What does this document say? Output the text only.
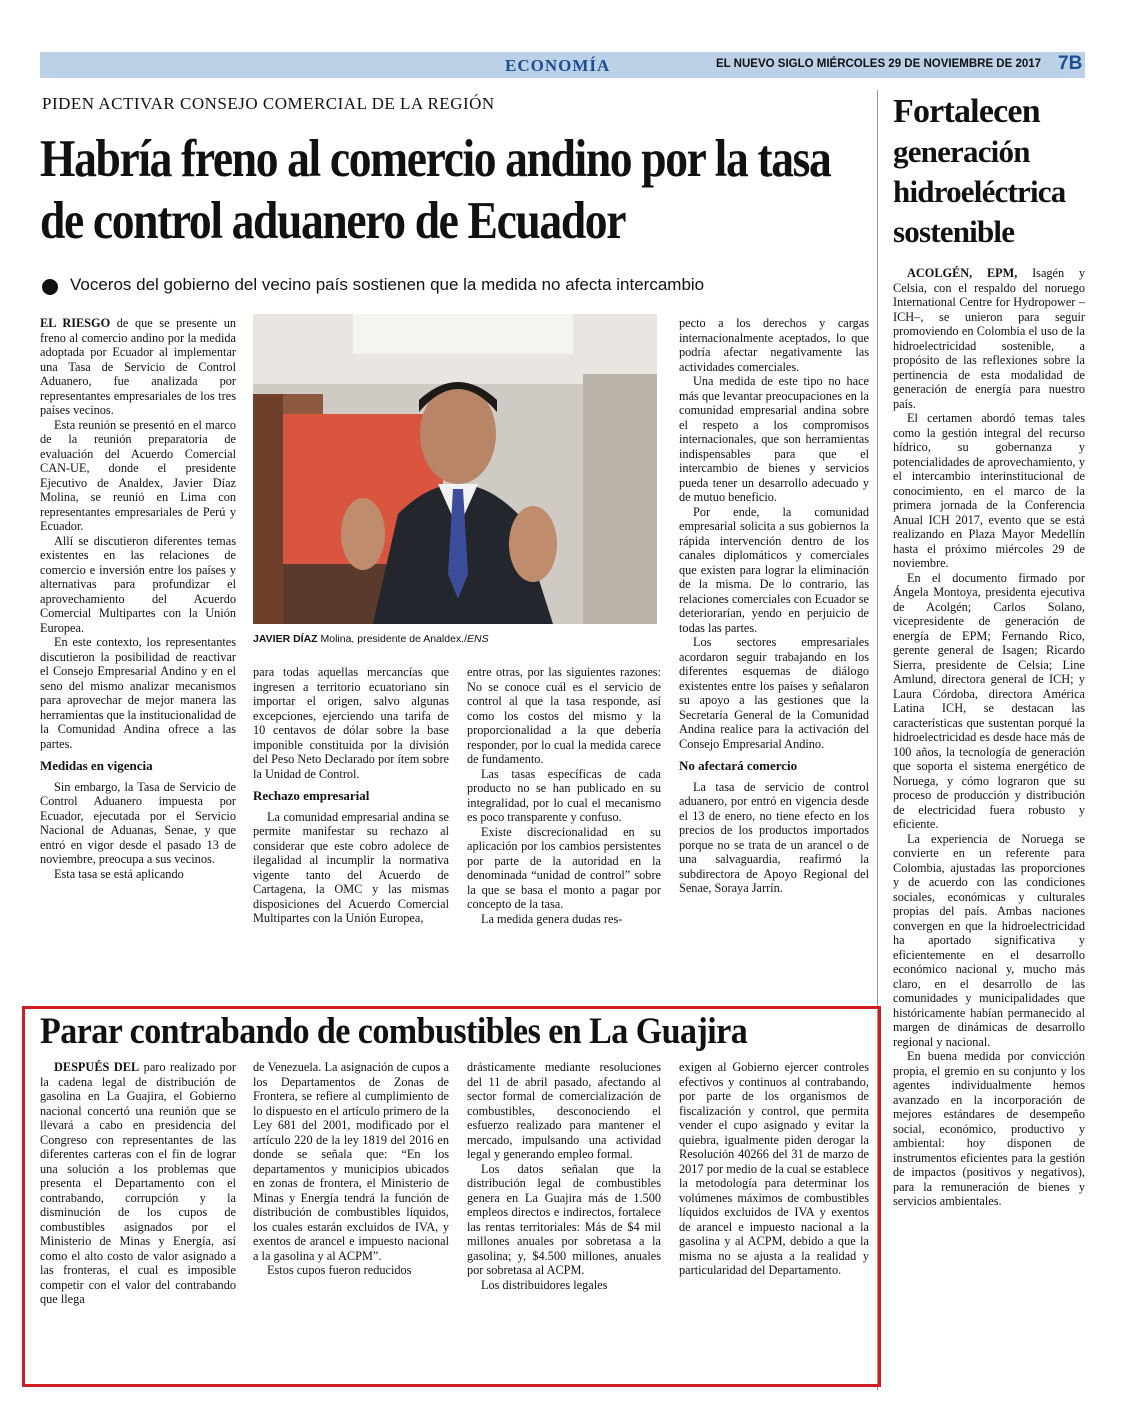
ECONOMÍA	EL NUEVO SIGLO MIÉRCOLES 29 DE NOVIEMBRE DE 2017 7B
PIDEN ACTIVAR CONSEJO COMERCIAL DE LA REGIÓN
Habría freno al comercio andino por la tasa de control aduanero de Ecuador
Voceros del gobierno del vecino país sostienen que la medida no afecta intercambio

EL RIESGO de que se presente un freno al comercio andino por la medida adoptada por Ecuador al implementar una Tasa de Servicio de Control Aduanero, fue analizada por representantes empresariales de los tres países vecinos.

Esta reunión se presentó en el marco de la reunión preparatoria de evaluación del Acuerdo Comercial CAN-UE, donde el presidente Ejecutivo de Analdex, Javier Díaz Molina, se reunió en Lima con representantes empresariales de Perú y Ecuador.

Allí se discutieron diferentes temas existentes en las relaciones de comercio e inversión entre los países y alternativas para profundizar el aprovechamiento del Acuerdo Comercial Multipartes con la Unión Europea.

En este contexto, los representantes discutieron la posibilidad de reactivar el Consejo Empresarial Andino y en el seno del mismo analizar mecanismos para aprovechar de mejor manera las herramientas que la institucionalidad de la Comunidad Andina ofrece a las partes.

Medidas en vigencia

Sin embargo, la Tasa de Servicio de Control Aduanero impuesta por Ecuador, ejecutada por el Servicio Nacional de Aduanas, Senae, y que entró en vigor desde el pasado 13 de noviembre, preocupa a sus vecinos.

Esta tasa se está aplicando

JAVIER DÍAZ Molina, presidente de Analdex./ENS

para todas aquellas mercancías que ingresen a territorio ecuatoriano sin importar el origen, salvo algunas excepciones, ejerciendo una tarifa de 10 centavos de dólar sobre la base imponible constituida por la división del Peso Neto Declarado por ítem sobre la Unidad de Control.

Rechazo empresarial

La comunidad empresarial andina se permite manifestar su rechazo al considerar que este cobro adolece de ilegalidad al incumplir la normativa vigente tanto del Acuerdo de Cartagena, la OMC y las mismas disposiciones del Acuerdo Comercial Multipartes con la Unión Europea,

entre otras, por las siguientes razones: No se conoce cuál es el servicio de control al que la tasa responde, así como los costos del mismo y la proporcionalidad a la que debería responder, por lo cual la medida carece de fundamento.

Las tasas específicas de cada producto no se han publicado en su integralidad, por lo cual el mecanismo es poco transparente y confuso.

Existe discrecionalidad en su aplicación por los cambios persistentes por parte de la autoridad en la denominada “unidad de control” sobre la que se basa el monto a pagar por concepto de la tasa.

La medida genera dudas res-

pecto a los derechos y cargas internacionalmente aceptados, lo que podría afectar negativamente las actividades comerciales.

Una medida de este tipo no hace más que levantar preocupaciones en la comunidad empresarial andina sobre el respeto a los compromisos internacionales, que son herramientas indispensables para que el intercambio de bienes y servicios pueda tener un desarrollo adecuado y de mutuo beneficio.

Por ende, la comunidad empresarial solicita a sus gobiernos la rápida intervención dentro de los canales diplomáticos y comerciales que existen para lograr la eliminación de la misma. De lo contrario, las relaciones comerciales con Ecuador se deteriorarían, yendo en perjuicio de todas las partes.

Los sectores empresariales acordaron seguir trabajando en los diferentes esquemas de diálogo existentes entre los países y señalaron su apoyo a las gestiones que la Secretaría General de la Comunidad Andina realice para la activación del Consejo Empresarial Andino.

No afectará comercio

La tasa de servicio de control aduanero, por entró en vigencia desde el 13 de enero, no tiene efecto en los precios de los productos importados porque no se trata de un arancel o de una salvaguardia, reafirmó la subdirectora de Apoyo Regional del Senae, Soraya Jarrín.

Fortalecen
generación
hidroeléctrica
sostenible

ACOLGÉN, EPM, Isagén y Celsia, con el respaldo del noruego International Centre for Hydropower –ICH–, se unieron para seguir promoviendo en Colombia el uso de la hidroelectricidad sostenible, a propósito de las reflexiones sobre la pertinencia de esta modalidad de generación de energía para nuestro país.

El certamen abordó temas tales como la gestión integral del recurso hídrico, su gobernanza y potencialidades de aprovechamiento, y el intercambio interinstitucional de conocimiento, en el marco de la primera jornada de la Conferencia Anual ICH 2017, evento que se está realizando en Plaza Mayor Medellín hasta el próximo miércoles 29 de noviembre.

En el documento firmado por Ángela Montoya, presidenta ejecutiva de Acolgén; Carlos Solano, vicepresidente de generación de energía de EPM; Fernando Rico, gerente general de Isagen; Ricardo Sierra, presidente de Celsia; Line Amlund, directora general de ICH; y Laura Córdoba, directora América Latina ICH, se destacan las características que sustentan porqué la hidroelectricidad es desde hace más de 100 años, la tecnología de generación que soporta el sistema energético de Noruega, y cómo lograron que su proceso de producción y distribución de electricidad fuera robusto y eficiente.

La experiencia de Noruega se convierte en un referente para Colombia, ajustadas las proporciones y de acuerdo con las condiciones sociales, económicas y culturales propias del país. Ambas naciones convergen en que la hidroelectricidad ha aportado significativa y eficientemente en el desarrollo económico nacional y, mucho más claro, en el desarrollo de las comunidades y municipalidades que históricamente habían permanecido al margen de dinámicas de desarrollo regional y nacional.

En buena medida por convicción propia, el gremio en su conjunto y los agentes individualmente hemos avanzado en la incorporación de mejores estándares de desempeño social, económico, productivo y ambiental: hoy disponen de instrumentos eficientes para la gestión de impactos (positivos y negativos), para la remuneración de bienes y servicios ambientales.

Parar contrabando de combustibles en La Guajira

DESPUÉS DEL paro realizado por la cadena legal de distribución de gasolina en La Guajira, el Gobierno nacional concertó una reunión que se llevará a cabo en presidencia del Congreso con representantes de las diferentes carteras con el fin de lograr una solución a los problemas que presenta el Departamento con el contrabando, corrupción y la disminución de los cupos de combustibles asignados por el Ministerio de Minas y Energía, así como el alto costo de valor asignado a las fronteras, el cual es imposible competir con el valor del contrabando que llega

de Venezuela. La asignación de cupos a los Departamentos de Zonas de Frontera, se refiere al cumplimiento de lo dispuesto en el artículo primero de la Ley 681 del 2001, modificado por el artículo 220 de la ley 1819 del 2016 en donde se señala que: “En los departamentos y municipios ubicados en zonas de frontera, el Ministerio de Minas y Energía tendrá la función de distribución de combustibles líquidos, los cuales estarán excluidos de IVA, y exentos de arancel e impuesto nacional a la gasolina y al ACPM”.

Estos cupos fueron reducidos

drásticamente mediante resoluciones del 11 de abril pasado, afectando al sector formal de comercialización de combustibles, desconociendo el esfuerzo realizado para mantener el mercado, impulsando una actividad legal y generando empleo formal.

Los datos señalan que la distribución legal de combustibles genera en La Guajira más de 1.500 empleos directos e indirectos, fortalece las rentas territoriales: Más de $4 mil millones anuales por sobretasa a la gasolina; y, $4.500 millones, anuales por sobretasa al ACPM.

Los distribuidores legales

exigen al Gobierno ejercer controles efectivos y continuos al contrabando, por parte de los organismos de fiscalización y control, que permita vender el cupo asignado y evitar la quiebra, igualmente piden derogar la Resolución 40266 del 31 de marzo de 2017 por medio de la cual se establece la metodología para determinar los volúmenes máximos de combustibles líquidos excluidos de IVA y exentos de arancel e impuesto nacional a la gasolina y al ACPM, debido a que la misma no se ajusta a la realidad y particularidad del Departamento.
